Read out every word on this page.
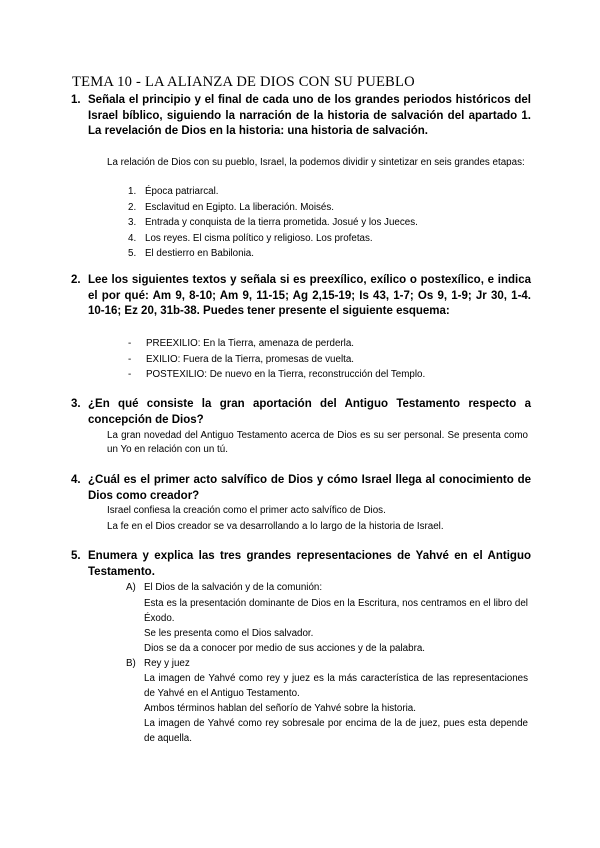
TEMA 10 - LA ALIANZA DE DIOS CON SU PUEBLO
1. Señala el principio y el final de cada uno de los grandes periodos históricos del Israel bíblico, siguiendo la narración de la historia de salvación del apartado 1. La revelación de Dios en la historia: una historia de salvación.
La relación de Dios con su pueblo, Israel, la podemos dividir y sintetizar en seis grandes etapas:
1. Época patriarcal.
2. Esclavitud en Egipto. La liberación. Moisés.
3. Entrada y conquista de la tierra prometida. Josué y los Jueces.
4. Los reyes. El cisma político y religioso. Los profetas.
5. El destierro en Babilonia.
2. Lee los siguientes textos y señala si es preexílico, exílico o postexílico, e indica el por qué: Am 9, 8-10; Am 9, 11-15; Ag 2,15-19; Is 43, 1-7; Os 9, 1-9; Jr 30, 1-4. 10-16; Ez 20, 31b-38. Puedes tener presente el siguiente esquema:
- PREEXILIO: En la Tierra, amenaza de perderla.
- EXILIO: Fuera de la Tierra, promesas de vuelta.
- POSTEXILIO: De nuevo en la Tierra, reconstrucción del Templo.
3. ¿En qué consiste la gran aportación del Antiguo Testamento respecto a concepción de Dios?
La gran novedad del Antiguo Testamento acerca de Dios es su ser personal. Se presenta como un Yo en relación con un tú.
4. ¿Cuál es el primer acto salvífico de Dios y cómo Israel llega al conocimiento de Dios como creador?
Israel confiesa la creación como el primer acto salvífico de Dios.
La fe en el Dios creador se va desarrollando a lo largo de la historia de Israel.
5. Enumera y explica las tres grandes representaciones de Yahvé en el Antiguo Testamento.
A) El Dios de la salvación y de la comunión:
Esta es la presentación dominante de Dios en la Escritura, nos centramos en el libro del Éxodo.
Se les presenta como el Dios salvador.
Dios se da a conocer por medio de sus acciones y de la palabra.
B) Rey y juez
La imagen de Yahvé como rey y juez es la más característica de las representaciones de Yahvé en el Antiguo Testamento.
Ambos términos hablan del señorío de Yahvé sobre la historia.
La imagen de Yahvé como rey sobresale por encima de la de juez, pues esta depende de aquella.
